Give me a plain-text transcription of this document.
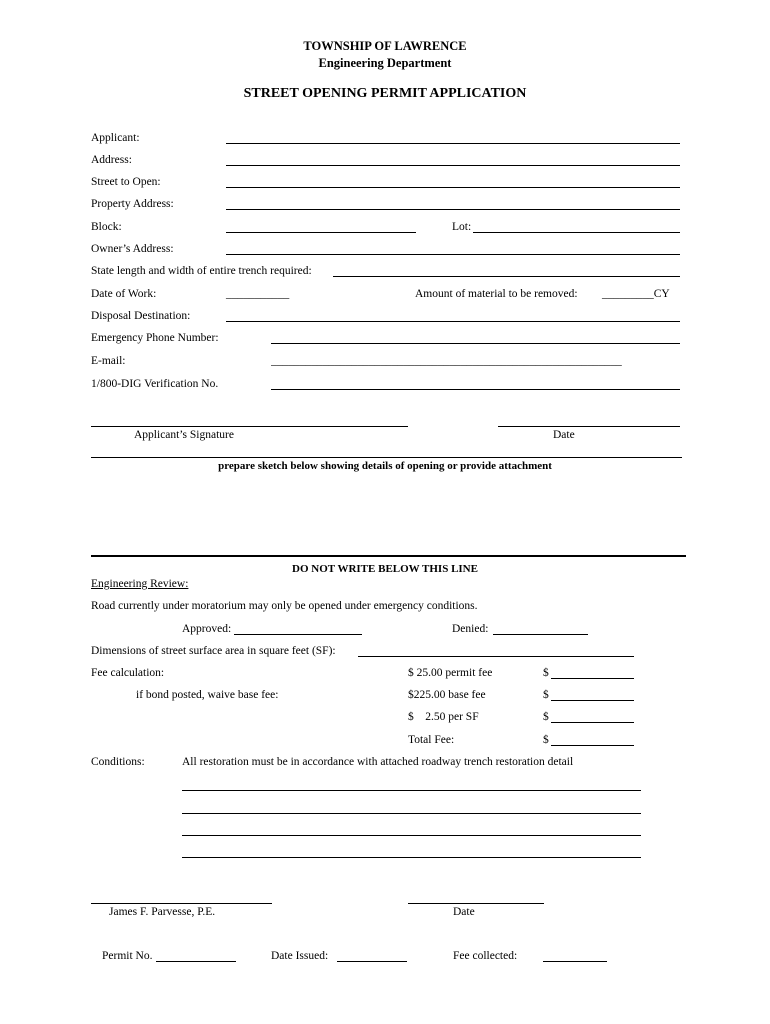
TOWNSHIP OF LAWRENCE
Engineering Department
STREET OPENING PERMIT APPLICATION
Applicant:
Address:
Street to Open:
Property Address:
Block:	Lot:
Owner’s Address:
State length and width of entire trench required:
Date of Work:	___________	Amount of material to be removed: _________CY
Disposal Destination:
Emergency Phone Number:
E-mail:	_____________________________________________________________
1/800-DIG Verification No.
Applicant’s Signature	Date
prepare sketch below showing details of opening or provide attachment
DO NOT WRITE BELOW THIS LINE
Engineering Review:
Road currently under moratorium may only be opened under emergency conditions.
Approved:	Denied:
Dimensions of street surface area in square feet (SF):
Fee calculation:	$ 25.00 permit fee	$
if bond posted, waive base fee:	$225.00 base fee	$
$    2.50 per SF	$
Total Fee:	$
Conditions:	All restoration must be in accordance with attached roadway trench restoration detail
James F. Parvesse, P.E.	Date
Permit No.	Date Issued:	Fee collected:
